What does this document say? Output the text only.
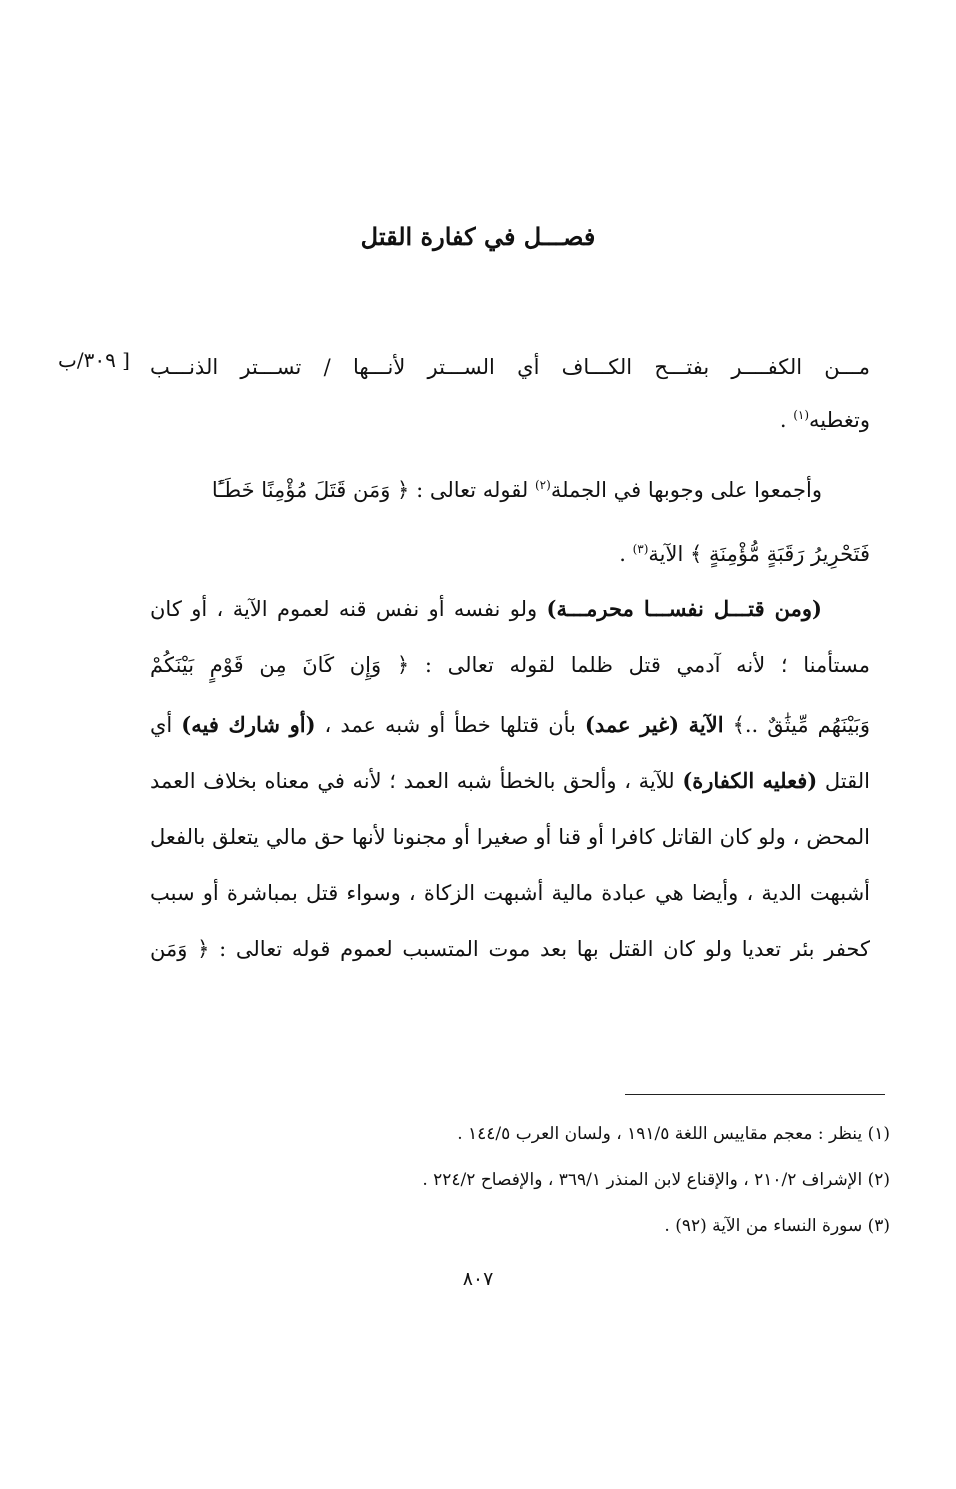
فصـــل في كفارة القتل
[ ٣٠٩/ب مـــن الكفــــر بفتـــح الكـــاف أي الســـتر لأنـــها / تســـتر الذنـــب
وتغطيه$^{(١)}$ .
وأجمعوا على وجوبها في الجملة$^{(٢)}$ لقوله تعالى : ﴿ وَمَن قَتَلَ مُؤْمِنًا خَطَـًٔا
فَتَحْرِيرُ رَقَبَةٍ مُّؤْمِنَةٍ ﴾ الآية$^{(٣)}$ .
(ومن قتـــل نفســـا محرمـــة) ولو نفسه أو نفس قنه لعموم الآية ، أو كان
مستأمنا ؛ لأنه آدمي قتل ظلما لقوله تعالى : ﴿ وَإِن كَانَ مِن قَوْمٍ بَيْنَكُمْ
وَبَيْنَهُم مِّيثَٰقٌ ..﴾ الآية (غير عمد) بأن قتلها خطأ أو شبه عمد ، (أو شارك فيه) أي
القتل (فعليه الكفارة) للآية ، وألحق بالخطأ شبه العمد ؛ لأنه في معناه بخلاف العمد
المحض ، ولو كان القاتل كافرا أو قنا أو صغيرا أو مجنونا لأنها حق مالي يتعلق بالفعل
أشبهت الدية ، وأيضا هي عبادة مالية أشبهت الزكاة ، وسواء قتل بمباشرة أو سبب
كحفر بئر تعديا ولو كان القتل بها بعد موت المتسبب لعموم قوله تعالى : ﴿ وَمَن
(١) ينظر : معجم مقاييس اللغة ١٩١/٥ ، ولسان العرب ١٤٤/٥ .
(٢) الإشراف ٢١٠/٢ ، والإقناع لابن المنذر ٣٦٩/١ ، والإفصاح ٢٢٤/٢ .
(٣) سورة النساء من الآية (٩٢) .
٨٠٧
